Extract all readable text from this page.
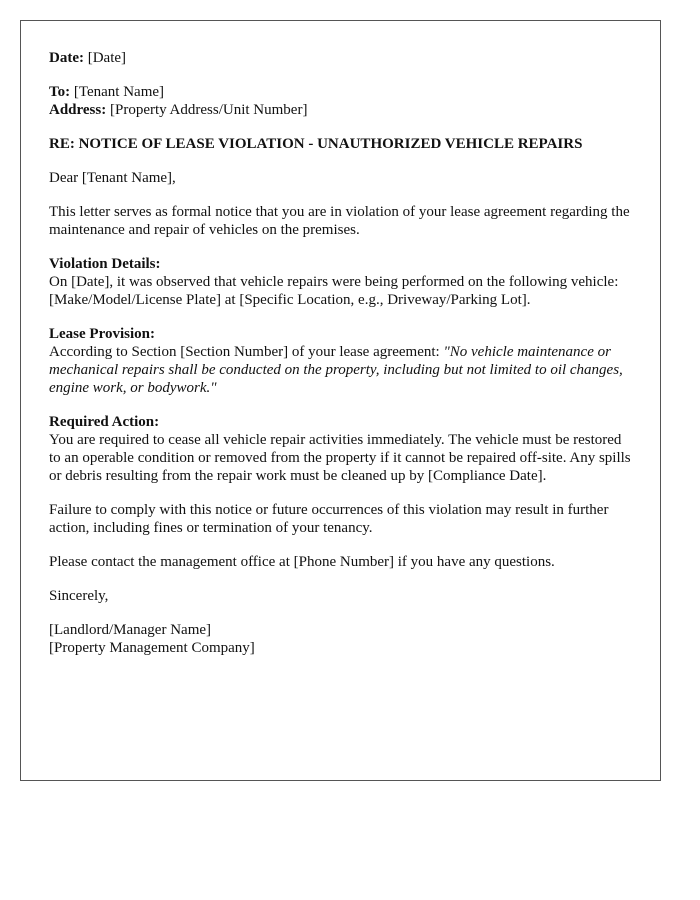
Date: [Date]
To: [Tenant Name]
Address: [Property Address/Unit Number]
RE: NOTICE OF LEASE VIOLATION - UNAUTHORIZED VEHICLE REPAIRS
Dear [Tenant Name],
This letter serves as formal notice that you are in violation of your lease agreement regarding the maintenance and repair of vehicles on the premises.
Violation Details:
On [Date], it was observed that vehicle repairs were being performed on the following vehicle: [Make/Model/License Plate] at [Specific Location, e.g., Driveway/Parking Lot].
Lease Provision:
According to Section [Section Number] of your lease agreement: "No vehicle maintenance or mechanical repairs shall be conducted on the property, including but not limited to oil changes, engine work, or bodywork."
Required Action:
You are required to cease all vehicle repair activities immediately. The vehicle must be restored to an operable condition or removed from the property if it cannot be repaired off-site. Any spills or debris resulting from the repair work must be cleaned up by [Compliance Date].
Failure to comply with this notice or future occurrences of this violation may result in further action, including fines or termination of your tenancy.
Please contact the management office at [Phone Number] if you have any questions.
Sincerely,
[Landlord/Manager Name]
[Property Management Company]
